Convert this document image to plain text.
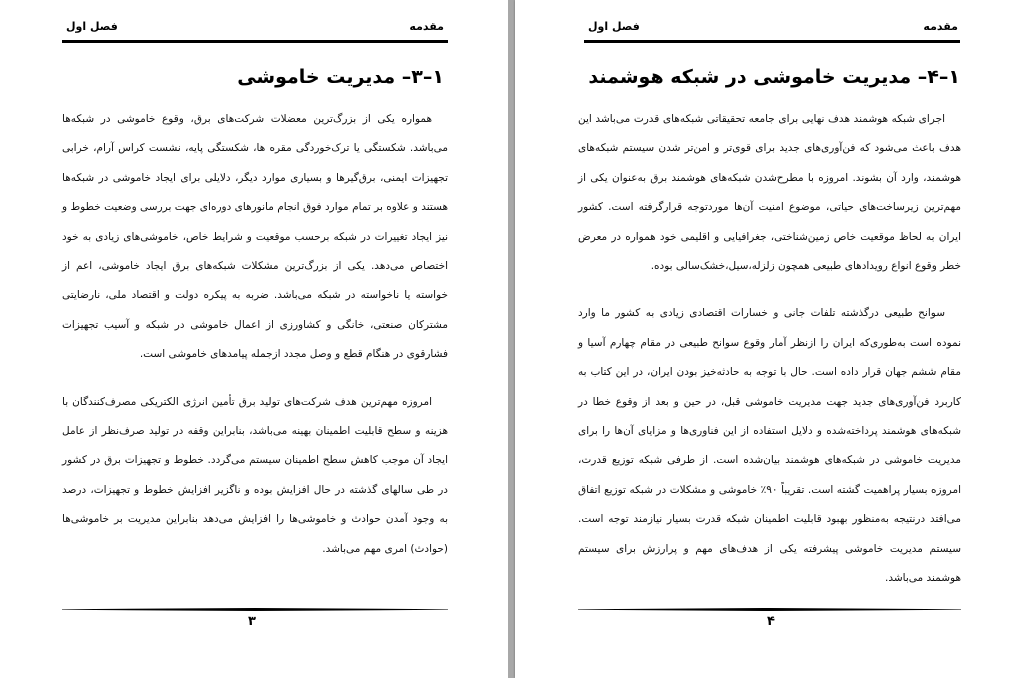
مقدمه
فصل اول
۱–۳– مدیریت خاموشی

همواره یکی از بزرگ‌ترین معضلات شرکت‌های برق، وقوع خاموشی در شبکه‌ها می‌باشد. شکستگی یا ترک‌خوردگی مقره ها، شکستگی پایه، نشست کراس آرام، خرابی تجهیزات ایمنی، برق‌گیرها و بسیاری موارد دیگر، دلایلی برای ایجاد خاموشی در شبکه‌ها هستند و علاوه بر تمام موارد فوق انجام مانورهای دوره‌ای جهت بررسی وضعیت خطوط و نیز ایجاد تغییرات در شبکه برحسب موقعیت و شرایط خاص، خاموشی‌های زیادی به خود اختصاص می‌دهد. یکی از بزرگ‌ترین مشکلات شبکه‌های برق ایجاد خاموشی، اعم از خواسته یا ناخواسته در شبکه می‌باشد. ضربه به پیکره دولت و اقتصاد ملی، نارضایتی مشترکان صنعتی، خانگی و کشاورزی از اعمال خاموشی در شبکه و آسیب تجهیزات فشارقوی در هنگام قطع و وصل مجدد ازجمله پیامدهای خاموشی است.

امروزه مهم‌ترین هدف شرکت‌های تولید برق تأمین انرژی الکتریکی مصرف‌کنندگان با هزینه و سطح قابلیت اطمینان بهینه می‌باشد، بنابراین وقفه در تولید صرف‌نظر از عامل ایجاد آن موجب کاهش سطح اطمینان سیستم می‌گردد. خطوط و تجهیزات برق در کشور در طی سالهای گذشته در حال افزایش بوده و ناگزیر افزایش خطوط و تجهیزات، درصد به وجود آمدن حوادث و خاموشی‌ها را افزایش می‌دهد بنابراین مدیریت بر خاموشی‌ها (حوادث) امری مهم می‌باشد.

۳
مقدمه
فصل اول
۱–۴– مدیریت خاموشی در شبکه هوشمند

اجرای شبکه هوشمند هدف نهایی برای جامعه تحقیقاتی شبکه‌های قدرت می‌باشد این هدف باعث می‌شود که فن‌آوری‌های جدید برای قوی‌تر و امن‌تر شدن سیستم شبکه‌های هوشمند، وارد آن بشوند. امروزه با مطرح‌شدن شبکه‌های هوشمند برق به‌عنوان یکی از مهم‌ترین زیرساخت‌های حیاتی، موضوع امنیت آن‌ها موردتوجه قرارگرفته است. کشور ایران به لحاظ موقعیت خاص زمین‌شناختی، جغرافیایی و اقلیمی خود همواره در معرض خطر وقوع انواع رویدادهای طبیعی همچون زلزله،سیل،خشک‌سالی بوده.

سوانح طبیعی درگذشته تلفات جانی و خسارات اقتصادی زیادی به کشور ما وارد نموده است به‌طوری‌که ایران را ازنظر آمار وقوع سوانح طبیعی در مقام چهارم آسیا و مقام ششم جهان قرار داده است. حال با توجه به حادثه‌خیز بودن ایران، در این کتاب به کاربرد فن‌آوری‌های جدید جهت مدیریت خاموشی قبل، در حین و بعد از وقوع خطا در شبکه‌های هوشمند پرداخته‌شده و دلایل استفاده از این فناوری‌ها و مزایای آن‌ها را برای مدیریت خاموشی در شبکه‌های هوشمند بیان‌شده است. از طرفی شبکه توزیع قدرت، امروزه بسیار پراهمیت گشته است. تقریباً ۹۰٪ خاموشی و مشکلات در شبکه توزیع اتفاق می‌افتد درنتیجه به‌منظور بهبود قابلیت اطمینان شبکه قدرت بسیار نیازمند توجه است. سیستم مدیریت خاموشی پیشرفته یکی از هدف‌های مهم و پرارزش برای سیستم هوشمند می‌باشد.

۴
